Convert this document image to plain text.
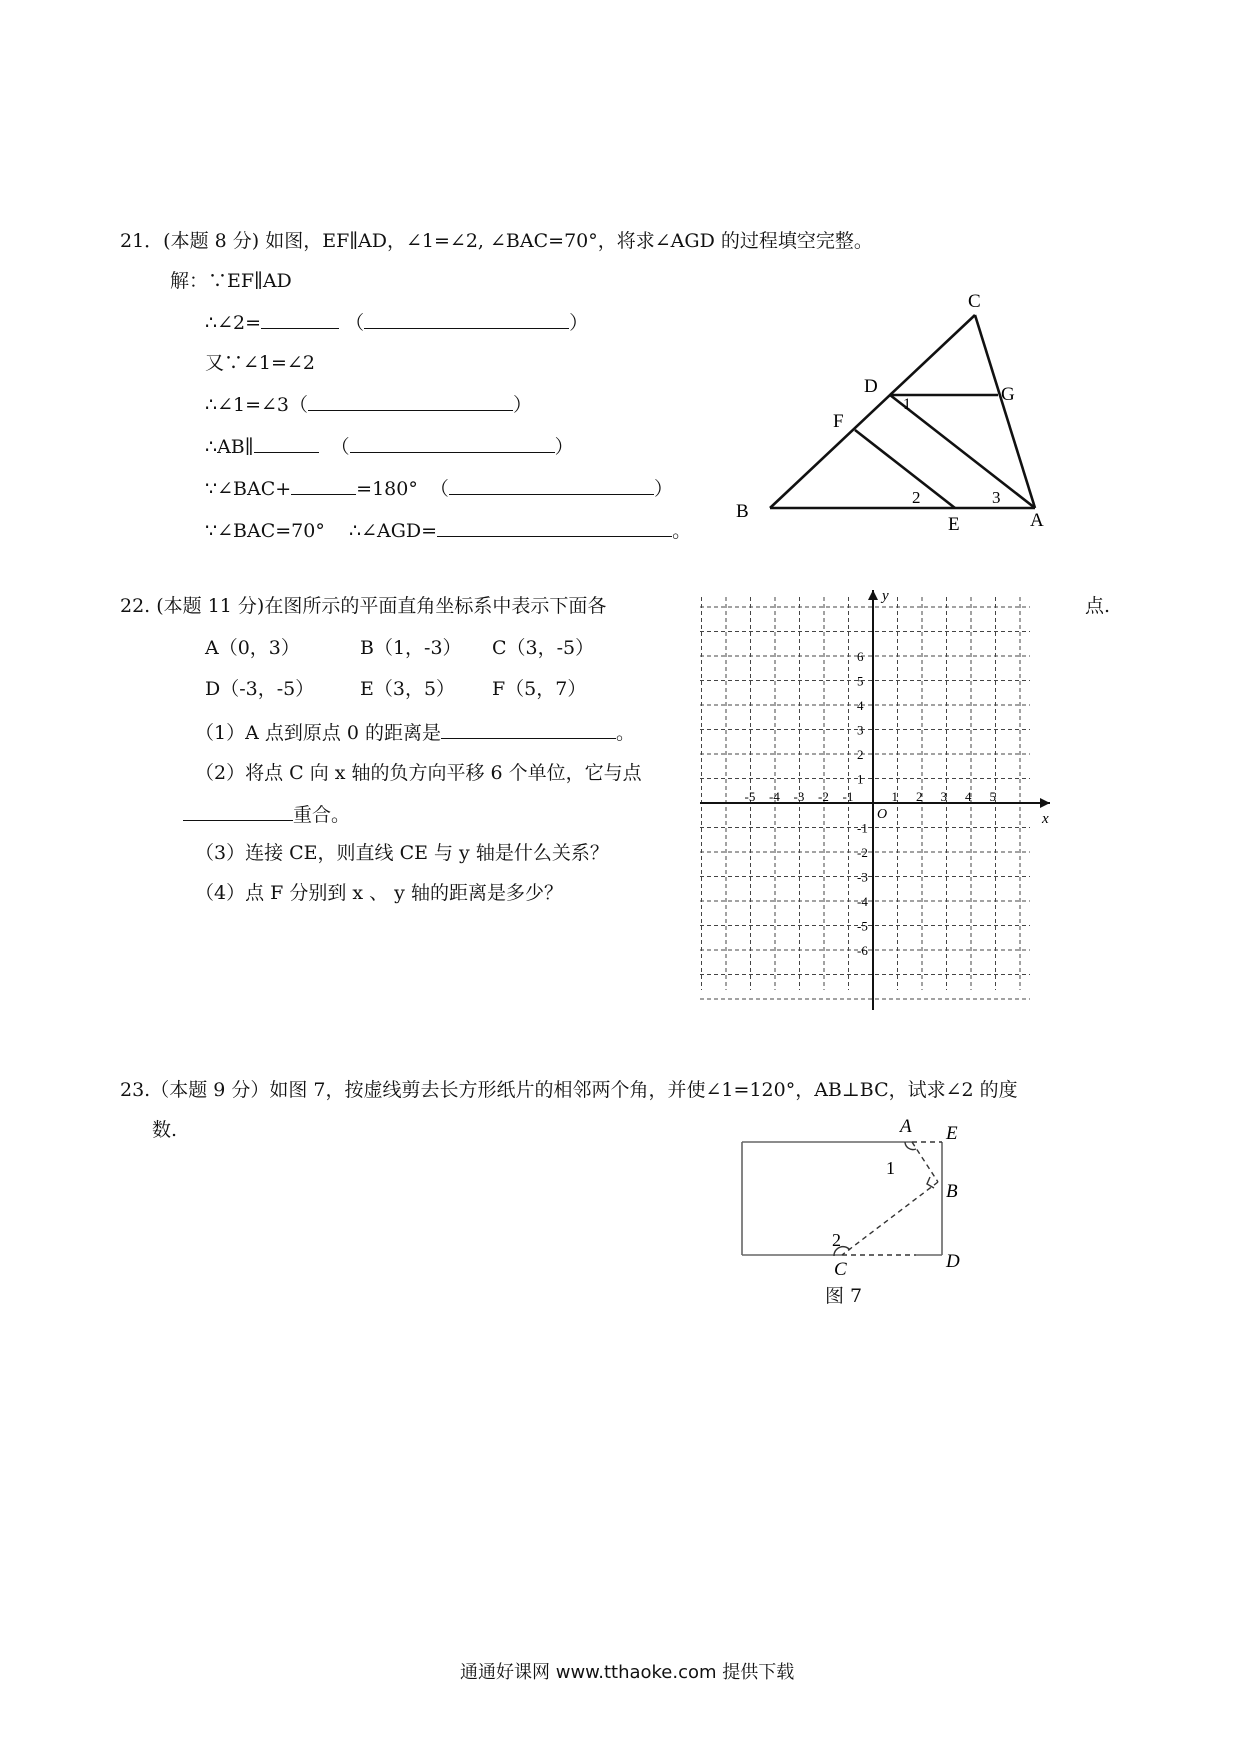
21．(本题 8 分) 如图，EF∥AD，∠1=∠2, ∠BAC=70°，将求∠AGD 的过程填空完整。
解：∵EF∥AD
∴∠2=	（	）
又∵∠1=∠2
∴∠1=∠3（	）
∴AB∥	（	）
∵∠BAC+	=180°  （	）
∵∠BAC=70° ∴∠AGD=	。
C
D	G
F
1
B
2	3
E	A
22. (本题 11 分)在图所示的平面直角坐标系中表示下面各	点.
A（0，3）	B（1，-3） C（3，-5）
D（-3，-5） E（3，5） F（5，7）
（1）A 点到原点 0 的距离是	。
（2）将点 C 向 x 轴的负方向平移 6 个单位，它与点
重合。
（3）连接 CE，则直线 CE 与 y 轴是什么关系？
（4）点 F 分别到 x 、 y 轴的距离是多少？
x
y
O
-5 -4 -3 -2 -1	1 2 3 4 5
6
5
4
3
2
1
-1
-2
-3
-4
-5
-6
23.（本题 9 分）如图 7，按虚线剪去长方形纸片的相邻两个角，并使∠1=120°，AB⊥BC，试求∠2 的度
数.	A E
1
B
2
C	D
图 7
通通好课网 www.tthaoke.com 提供下载
